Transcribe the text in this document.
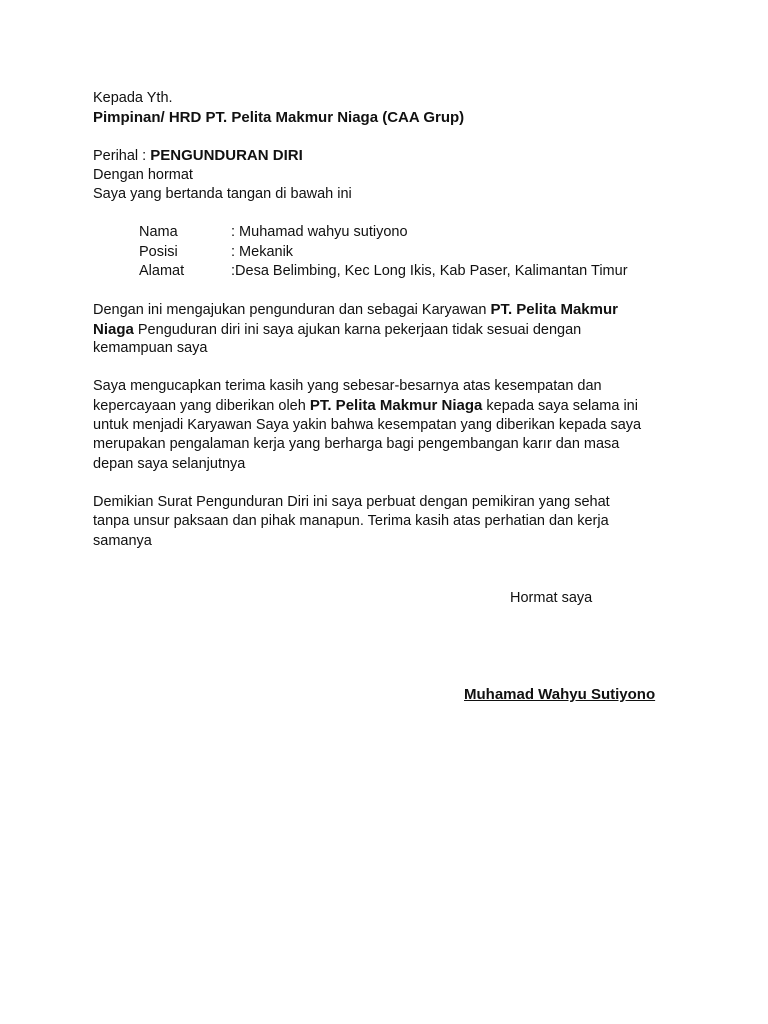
Kepada Yth.
Pimpinan/ HRD PT. Pelita Makmur Niaga (CAA Grup)
Perihal : PENGUNDURAN DIRI
Dengan hormat
Saya yang bertanda tangan di bawah ini
Nama	: Muhamad wahyu sutiyono
Posisi	: Mekanik
Alamat	:Desa Belimbing, Kec Long Ikis, Kab Paser, Kalimantan Timur
Dengan ini mengajukan pengunduran dan sebagai Karyawan PT. Pelita Makmur
Niaga Penguduran diri ini saya ajukan karna pekerjaan tidak sesuai dengan
kemampuan saya
Saya mengucapkan terima kasih yang sebesar-besarnya atas kesempatan dan
kepercayaan yang diberikan oleh PT. Pelita Makmur Niaga kepada saya selama ini
untuk menjadi Karyawan Saya yakin bahwa kesempatan yang diberikan kepada saya
merupakan pengalaman kerja yang berharga bagi pengembangan karır dan masa
depan saya selanjutnya
Demikian Surat Pengunduran Diri ini saya perbuat dengan pemikiran yang sehat
tanpa unsur paksaan dan pihak manapun. Terima kasih atas perhatian dan kerja
samanya
Hormat saya
Muhamad Wahyu Sutiyono
